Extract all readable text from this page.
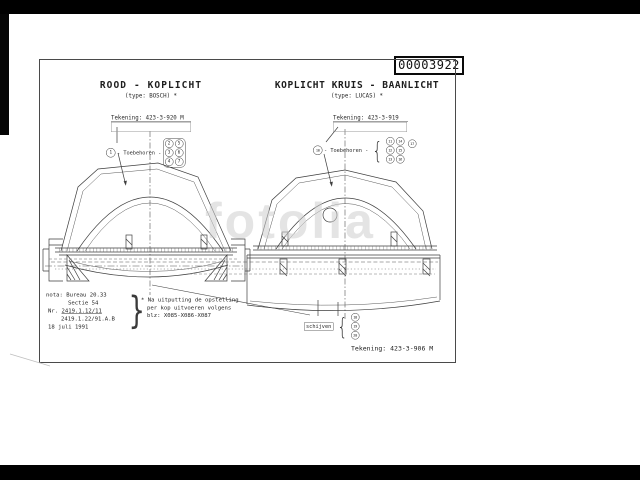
00003922
fotolia
ROOD - KOPLICHT
(type: BOSCH) *
Tekening: 423-3-920 M
1 - Toebehoren -
2
3
4
5
6
7
KOPLICHT KRUIS - BAANLICHT
(type: LUCAS) *
Tekening: 423-3-919
10 - Toebehoren - { 11
12
13
14
15
16
17
schijven { 18
19
20
nota: Bureau 20.33
Sectie 54
Nr. 2419.1.12/11
2419.1.22/91.A.B
18 juli 1991	}
* Na uitputting de opstelling
per kop uitvoeren volgens
blz: X085-X086-X087
Tekening: 423-3-906 M
